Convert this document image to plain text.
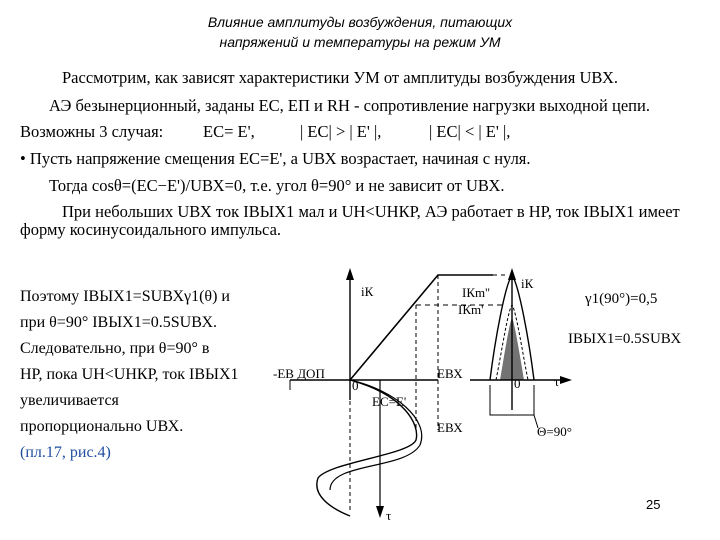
Влияние амплитуды возбуждения, питающих
напряжений и температуры на режим УМ
Рассмотрим, как зависят характеристики УМ от амплитуды возбуждения UВХ.
АЭ безынерционный, заданы EС, EП и RН - сопротивление нагрузки выходной цепи.
Возможны 3 случая: EС= E',	| EС| > | E' |,	| EС| < | E' |,
• Пусть напряжение смещения EС=E', а UВХ возрастает, начиная с нуля.
Тогда cosθ=(EС−E')/UВХ=0, т.е. угол θ=90° и не зависит от UВХ.
При небольших UВХ ток IВЫХ1 мал и UН<UНКР, АЭ работает в НР, ток IВЫХ1 имеет
форму косинусоидального импульса.
Поэтому IВЫХ1=SUВХγ1(θ) и
при θ=90° IВЫХ1=0.5SUВХ.
Следовательно, при θ=90° в
НР, пока UН<UНКР, ток IВЫХ1
увеличивается
пропорционально UВХ.
(пл.17, рис.4)
iК
iК
IКm''
IКm'
-EВ ДОП
0	0
EВХ
EС=E'
EВХ
τ
τ
Θ=90°
γ1(90°)=0,5
IВЫХ1=0.5SUВХ
25
